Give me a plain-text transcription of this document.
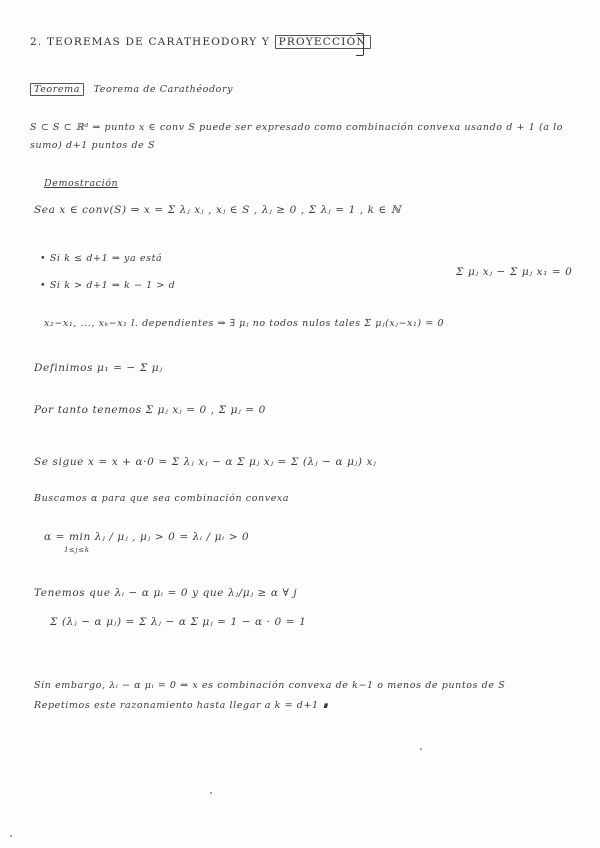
2. TEOREMAS DE CARATHEODORY Y PROYECCIÓN
Teorema Teorema de Carathéodory
S ⊂ S ⊂ ℝᵈ ⇒ punto x ∈ conv S puede ser expresado como combinación convexa usando d + 1 (a lo
sumo) d+1 puntos de S
Demostración
Sea x ∈ conv(S) ⇒ x = Σ λⱼ xⱼ , xⱼ ∈ S , λⱼ ≥ 0 , Σ λⱼ = 1 , k ∈ ℕ
• Si k ≤ d+1 ⇒ ya está
• Si k > d+1 ⇒ k − 1 > d
Σ μⱼ xⱼ − Σ μⱼ x₁ = 0
x₂−x₁, ..., xₖ−x₁ l. dependientes ⇒ ∃ μⱼ no todos nulos tales Σ μⱼ(xⱼ−x₁) = 0
Definimos μ₁ = − Σ μⱼ
Por tanto tenemos Σ μⱼ xⱼ = 0 , Σ μⱼ = 0
Se sigue x = x + α·0 = Σ λⱼ xⱼ − α Σ μⱼ xⱼ = Σ (λⱼ − α μⱼ) xⱼ
Buscamos α para que sea combinación convexa
α = min λⱼ / μⱼ , μⱼ > 0 = λᵢ / μᵢ > 0
1≤j≤k
Tenemos que λᵢ − α μᵢ = 0 y que λⱼ/μⱼ ≥ α ∀ j
Σ (λⱼ − α μⱼ) = Σ λⱼ − α Σ μⱼ = 1 − α · 0 = 1
Sin embargo, λᵢ − α μᵢ = 0 ⇒ x es combinación convexa de k−1 o menos de puntos de S
Repetimos este razonamiento hasta llegar a k = d+1 ∎
